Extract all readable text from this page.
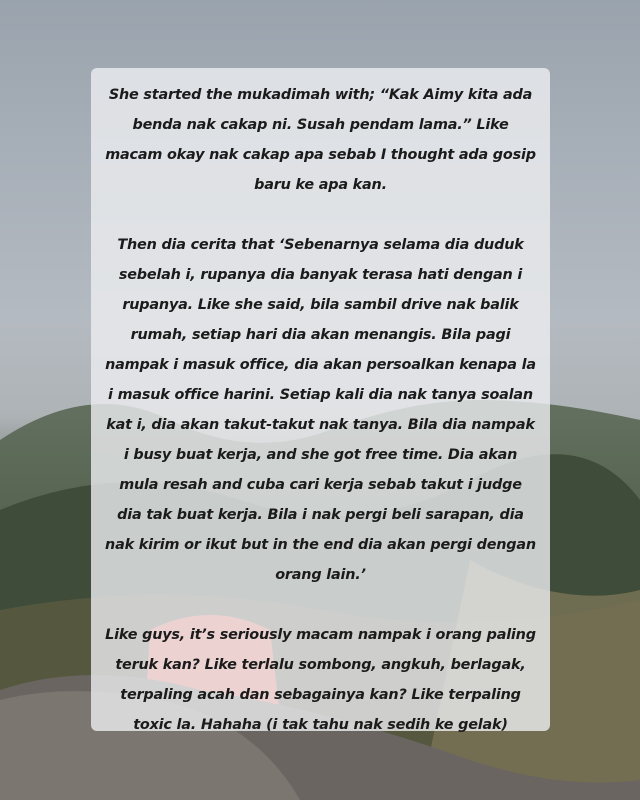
She started the mukadimah with; “Kak Aimy kita ada benda nak cakap ni. Susah pendam lama.” Like macam okay nak cakap apa sebab I thought ada gosip baru ke apa kan.

Then dia cerita that ‘Sebenarnya selama dia duduk sebelah i, rupanya dia banyak terasa hati dengan i rupanya. Like she said, bila sambil drive nak balik rumah, setiap hari dia akan menangis. Bila pagi nampak i masuk office, dia akan persoalkan kenapa la i masuk office harini. Setiap kali dia nak tanya soalan kat i, dia akan takut-takut nak tanya. Bila dia nampak i busy buat kerja, and she got free time. Dia akan mula resah and cuba cari kerja sebab takut i judge dia tak buat kerja. Bila i nak pergi beli sarapan, dia nak kirim or ikut but in the end dia akan pergi dengan orang lain.’

Like guys, it’s seriously macam nampak i orang paling teruk kan? Like terlalu sombong, angkuh, berlagak, terpaling acah dan sebagainya kan? Like terpaling toxic la. Hahaha (i tak tahu nak sedih ke gelak)
